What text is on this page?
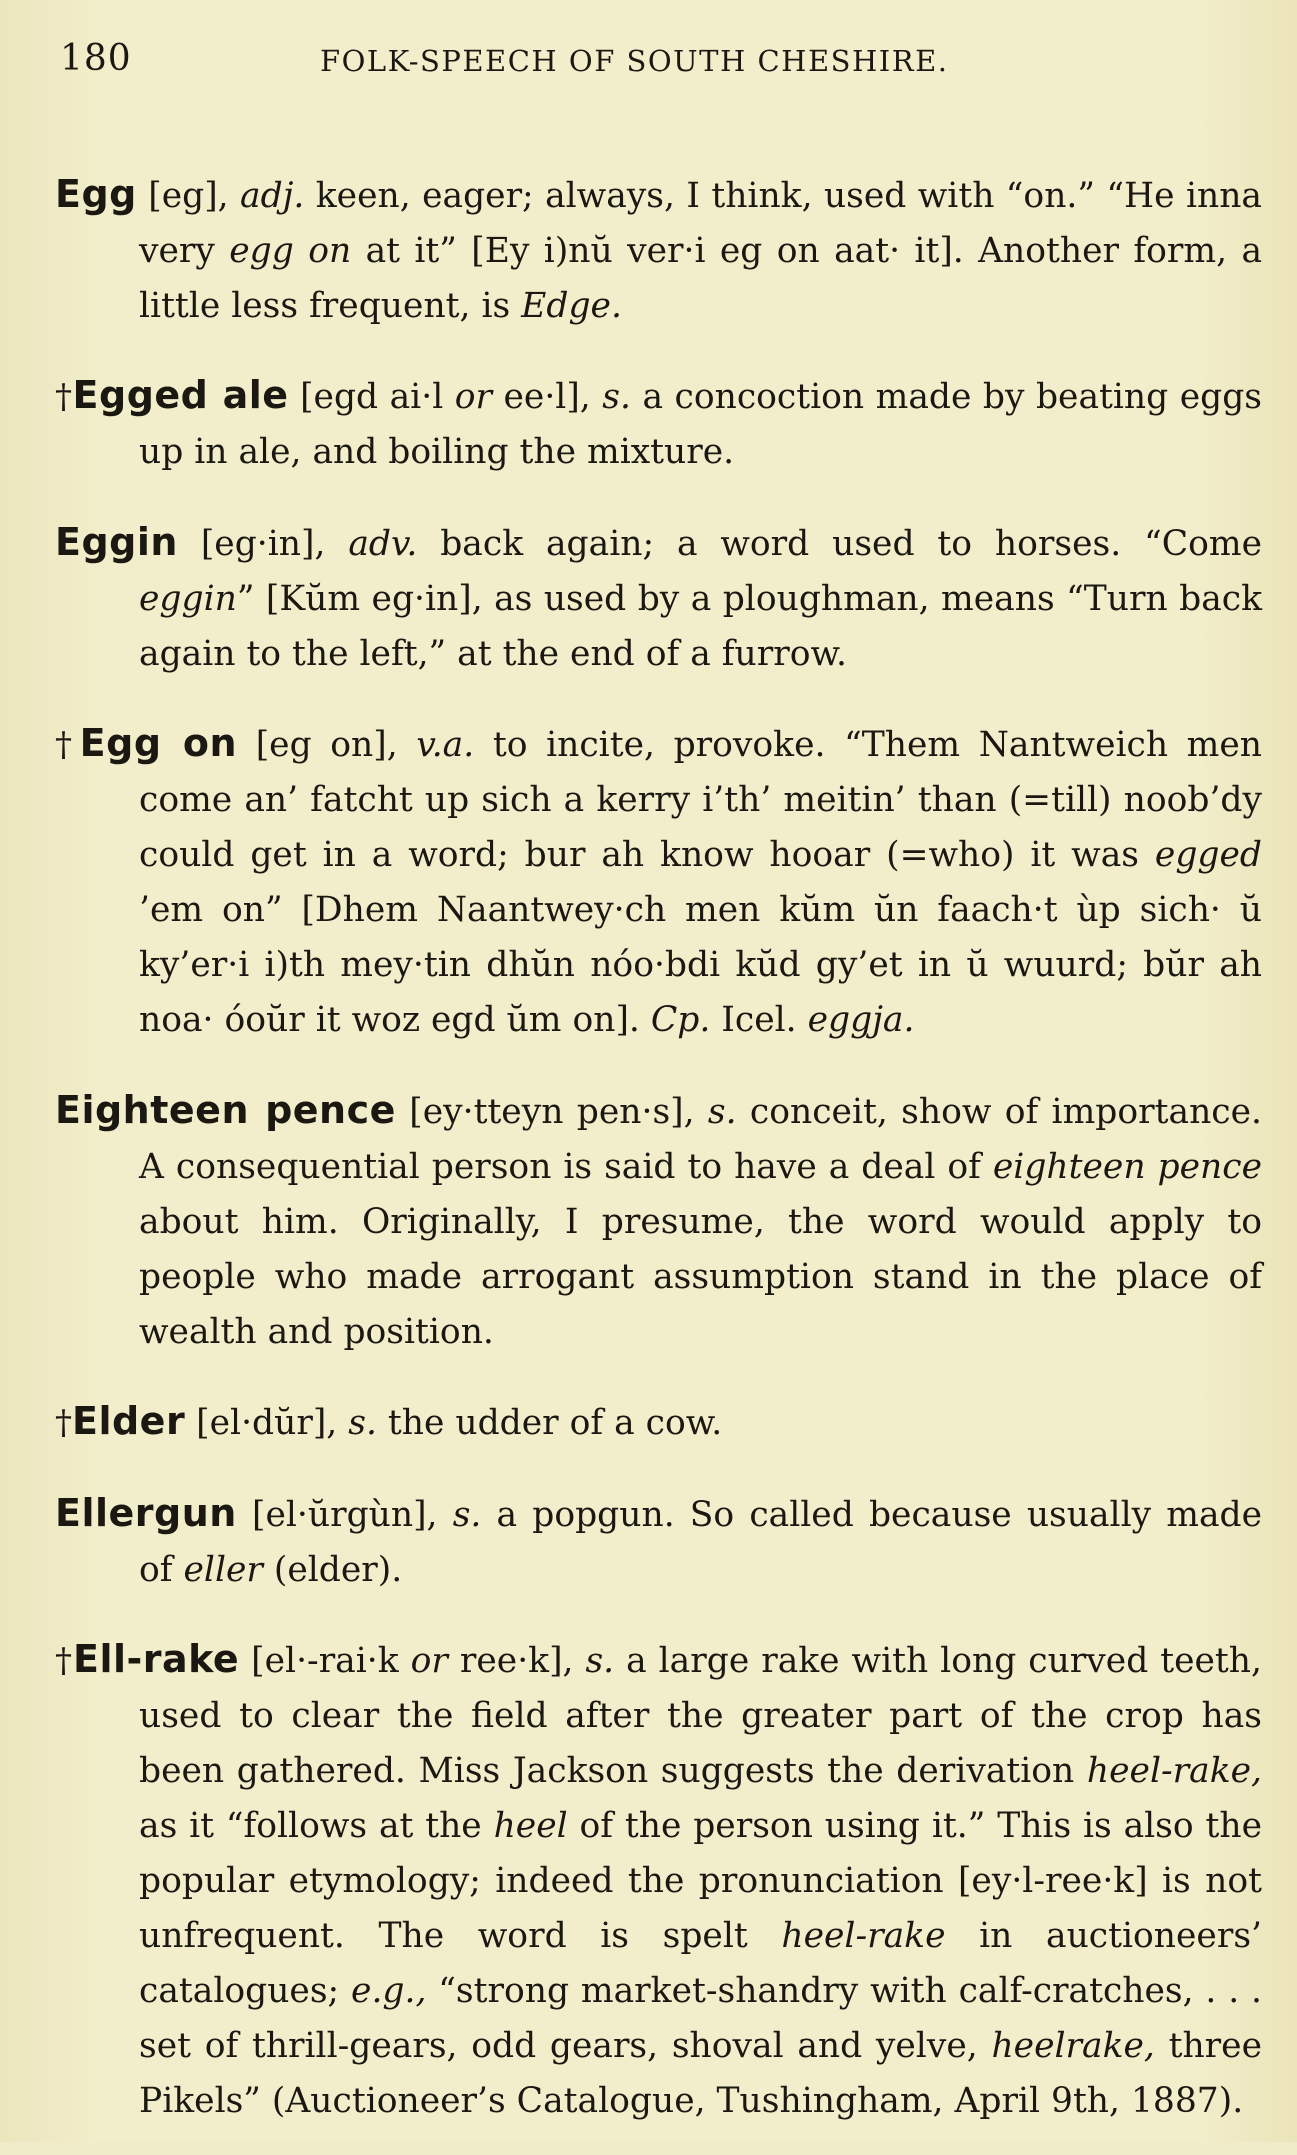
180	FOLK-SPEECH OF SOUTH CHESHIRE.

Egg [eg], adj. keen, eager; always, I think, used with “on.” “He inna very egg on at it” [Ey i)nŭ ver·i eg on aat· it]. Another form, a little less frequent, is Edge.

†Egged ale [egd ai·l or ee·l], s. a concoction made by beating eggs up in ale, and boiling the mixture.

Eggin [eg·in], adv. back again; a word used to horses. “Come eggin” [Kŭm eg·in], as used by a ploughman, means “Turn back again to the left,” at the end of a furrow.

†Egg on [eg on], v.a. to incite, provoke. “Them Nantweich men come an’ fatcht up sich a kerry i’th’ meitin’ than (=till) noob’dy could get in a word; bur ah know hooar (=who) it was egged ’em on” [Dhem Naantwey·ch men kŭm ŭn faach·t ùp sich· ŭ ky’er·i i)th mey·tin dhŭn nóo·bdi kŭd gy’et in ŭ wuurd; bŭr ah noa· óoŭr it woz egd ŭm on]. Cp. Icel. eggja.

Eighteen pence [ey·tteyn pen·s], s. conceit, show of importance. A consequential person is said to have a deal of eighteen pence about him. Originally, I presume, the word would apply to people who made arrogant assumption stand in the place of wealth and position.

†Elder [el·dŭr], s. the udder of a cow.

Ellergun [el·ŭrgùn], s. a popgun. So called because usually made of eller (elder).

†Ell-rake [el·-rai·k or ree·k], s. a large rake with long curved teeth, used to clear the field after the greater part of the crop has been gathered. Miss Jackson suggests the derivation heel-rake, as it “follows at the heel of the person using it.” This is also the popular etymology; indeed the pronunciation [ey·l-ree·k] is not unfrequent. The word is spelt heel-rake in auctioneers’ catalogues; e.g., “strong market-shandry with calf-cratches, . . . set of thrill-gears, odd gears, shoval and yelve, heelrake, three Pikels” (Auctioneer’s Catalogue, Tushingham, April 9th, 1887).
